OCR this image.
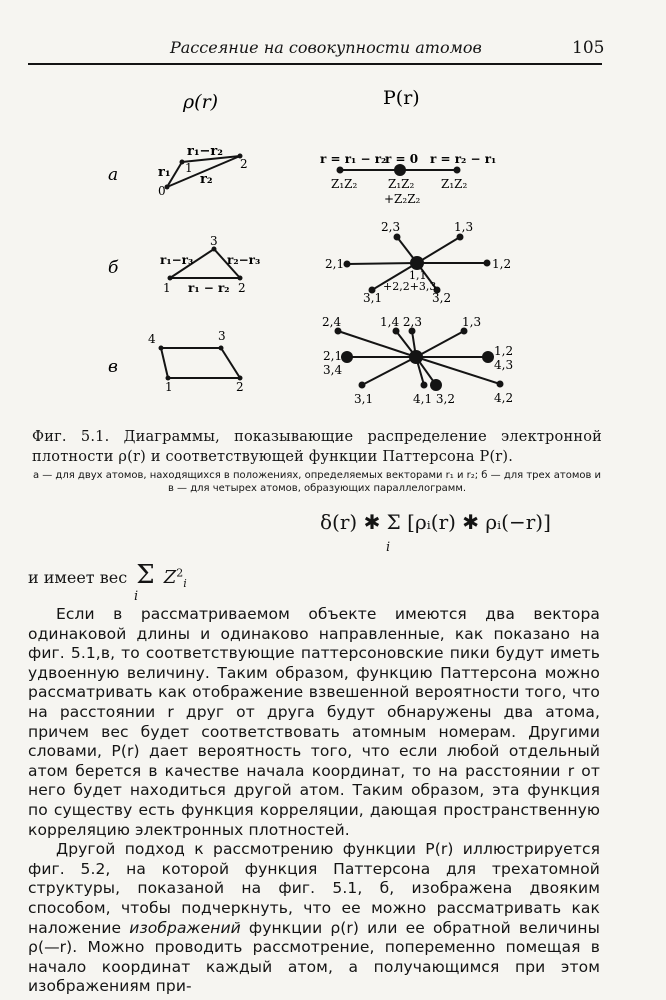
Рассеяние на совокупности атомов	105
ρ(r)	P(r)
а
б
в
r₁
r₁−r₂
r₂
0
1	2	r = r₁ − r₂
r = 0 r = r₂ − r₁
Z₁Z₂	Z₁Z₂
+Z₂Z₂
Z₁Z₂
r₁−r₃	r₂−r₃
r₁ − r₂
1	2
3
2,3	1,3
2,1	1,2
1,1
+2,2+3,3
3,1	3,2
4	3
2
1
2,4	1,4 2,3	1,3
2,1
3,4
1,2
4,3
3,1	4,1 3,2	4,2
Фиг. 5.1. Диаграммы, показывающие распределение электронной плотности ρ(r) и соответствующей функции Паттерсона P(r).
а — для двух атомов, находящихся в положениях, определяемых векторами r₁ и r₂; б — для трех атомов и в — для четырех атомов, образующих параллелограмм.
δ(r) ✱ Σ [ρᵢ(r) ✱ ρᵢ(−r)]
i
и имеет вес Σ $Z^2_i$
i

Если в рассматриваемом объекте имеются два вектора одинаковой длины и одинаково направленные, как показано на фиг. 5.1,в, то соответствующие паттерсоновские пики будут иметь удвоенную величину. Таким образом, функцию Паттерсона можно рассматривать как отображение взвешенной вероятности того, что на расстоянии r друг от друга будут обнаружены два атома, причем вес будет соответствовать атомным номерам. Другими словами, P(r) дает вероятность того, что если любой отдельный атом берется в качестве начала координат, то на расстоянии r от него будет находиться другой атом. Таким образом, эта функция по существу есть функция корреляции, дающая пространственную корреляцию электронных плотностей.

Другой подход к рассмотрению функции P(r) иллюстрируется фиг. 5.2, на которой функция Паттерсона для трехатомной структуры, показаной на фиг. 5.1, б, изображена двояким способом, чтобы подчеркнуть, что ее можно рассматривать как наложение изображений функции ρ(r) или ее обратной величины ρ(—r). Можно проводить рассмотрение, попеременно помещая в начало координат каждый атом, а получающимся при этом изображениям при-
